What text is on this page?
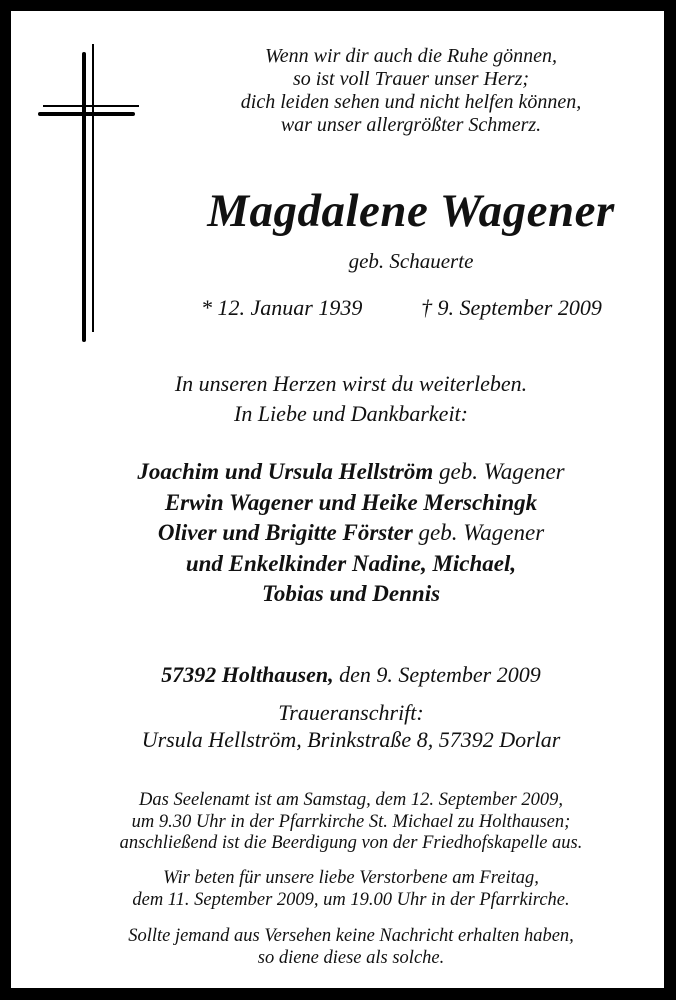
Wenn wir dir auch die Ruhe gönnen,
so ist voll Trauer unser Herz;
dich leiden sehen und nicht helfen können,
war unser allergrößter Schmerz.
Magdalene Wagener
geb. Schauerte
* 12. Januar 1939	† 9. September 2009
In unseren Herzen wirst du weiterleben.
In Liebe und Dankbarkeit:
Joachim und Ursula Hellström geb. Wagener
Erwin Wagener und Heike Merschingk
Oliver und Brigitte Förster geb. Wagener
und Enkelkinder Nadine, Michael,
Tobias und Dennis
57392 Holthausen, den 9. September 2009
Traueranschrift:
Ursula Hellström, Brinkstraße 8, 57392 Dorlar
Das Seelenamt ist am Samstag, dem 12. September 2009,
um 9.30 Uhr in der Pfarrkirche St. Michael zu Holthausen;
anschließend ist die Beerdigung von der Friedhofskapelle aus.
Wir beten für unsere liebe Verstorbene am Freitag,
dem 11. September 2009, um 19.00 Uhr in der Pfarrkirche.
Sollte jemand aus Versehen keine Nachricht erhalten haben,
so diene diese als solche.
